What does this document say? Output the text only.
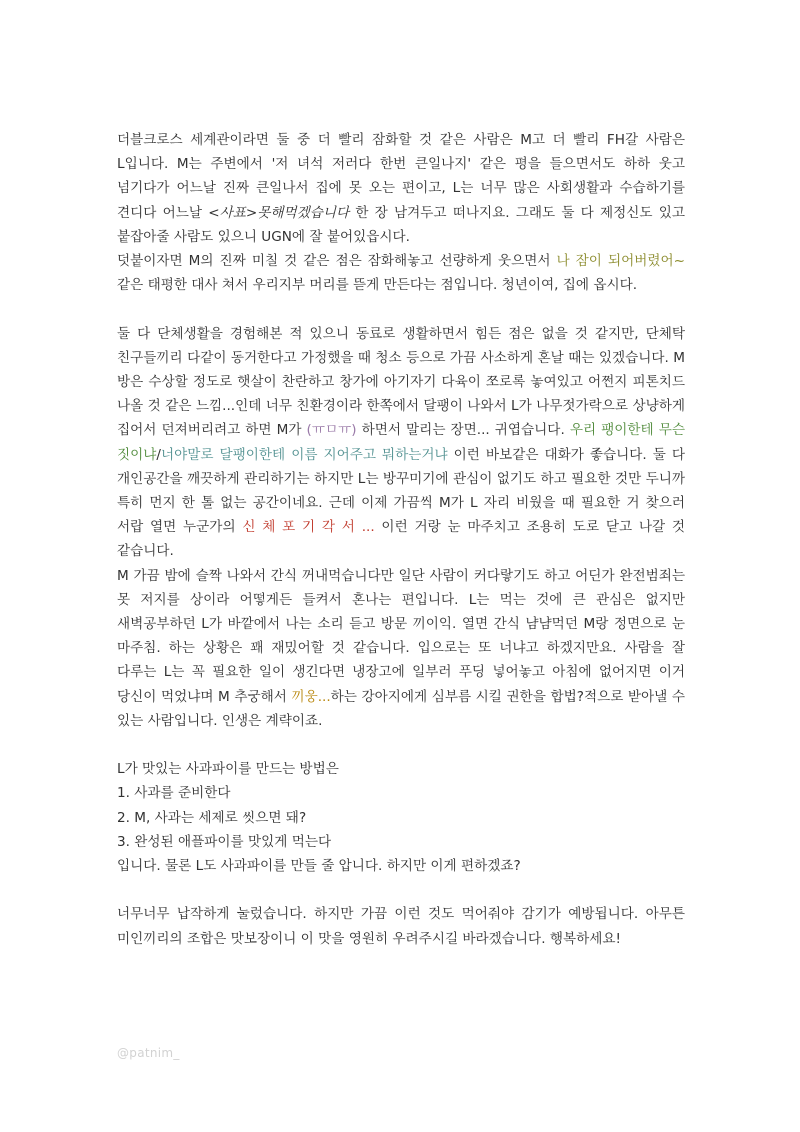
더블크로스 세계관이라면 둘 중 더 빨리 잠화할 것 같은 사람은 M고 더 빨리 FH갈 사람은 L입니다. M는 주변에서 '저 녀석 저러다 한번 큰일나지' 같은 평을 들으면서도 하하 웃고 넘기다가 어느날 진짜 큰일나서 집에 못 오는 편이고, L는 너무 많은 사회생활과 수습하기를 견디다 어느날 <사표>못해먹겠습니다 한 장 남겨두고 떠나지요. 그래도 둘 다 제정신도 있고 붙잡아줄 사람도 있으니 UGN에 잘 붙어있읍시다.

덧붙이자면 M의 진짜 미칠 것 같은 점은 잠화해놓고 선량하게 웃으면서 나 잠이 되어버렸어~ 같은 태평한 대사 쳐서 우리지부 머리를 뜯게 만든다는 점입니다. 청년이여, 집에 옵시다.

둘 다 단체생활을 경험해본 적 있으니 동료로 생활하면서 힘든 점은 없을 것 같지만, 단체탁 친구들끼리 다같이 동거한다고 가정했을 때 청소 등으로 가끔 사소하게 혼날 때는 있겠습니다. M 방은 수상할 정도로 햇살이 찬란하고 창가에 아기자기 다육이 쪼로록 놓여있고 어쩐지 피톤치드 나올 것 같은 느낌...인데 너무 친환경이라 한쪽에서 달팽이 나와서 L가 나무젓가락으로 상냥하게 집어서 던져버리려고 하면 M가 (ㅠㅁㅠ) 하면서 말리는 장면... 귀엽습니다. 우리 팽이한테 무슨 짓이냐/너야말로 달팽이한테 이름 지어주고 뭐하는거냐 이런 바보같은 대화가 좋습니다. 둘 다 개인공간을 깨끗하게 관리하기는 하지만 L는 방꾸미기에 관심이 없기도 하고 필요한 것만 두니까 특히 먼지 한 톨 없는 공간이네요. 근데 이제 가끔씩 M가 L 자리 비웠을 때 필요한 거 찾으러 서랍 열면 누군가의 신 체 포 기 각 서 ... 이런 거랑 눈 마주치고 조용히 도로 닫고 나갈 것 같습니다.

M 가끔 밤에 슬짝 나와서 간식 꺼내먹습니다만 일단 사람이 커다랗기도 하고 어딘가 완전범죄는 못 저지를 상이라 어떻게든 들켜서 혼나는 편입니다. L는 먹는 것에 큰 관심은 없지만 새벽공부하던 L가 바깥에서 나는 소리 듣고 방문 끼이익. 열면 간식 냠냠먹던 M랑 정면으로 눈 마주침. 하는 상황은 꽤 재밌어할 것 같습니다. 입으로는 또 너냐고 하겠지만요. 사람을 잘 다루는 L는 꼭 필요한 일이 생긴다면 냉장고에 일부러 푸딩 넣어놓고 아침에 없어지면 이거 당신이 먹었냐며 M 추궁해서 끼웅...하는 강아지에게 심부름 시킬 권한을 합법?적으로 받아낼 수 있는 사람입니다. 인생은 계략이죠.

L가 맛있는 사과파이를 만드는 방법은

1. 사과를 준비한다

2. M, 사과는 세제로 씻으면 돼?

3. 완성된 애플파이를 맛있게 먹는다

입니다. 물론 L도 사과파이를 만들 줄 압니다. 하지만 이게 편하겠죠?

너무너무 납작하게 눌렀습니다. 하지만 가끔 이런 것도 먹어줘야 감기가 예방됩니다. 아무튼 미인끼리의 조합은 맛보장이니 이 맛을 영원히 우려주시길 바라겠습니다. 행복하세요!

@patnim_
